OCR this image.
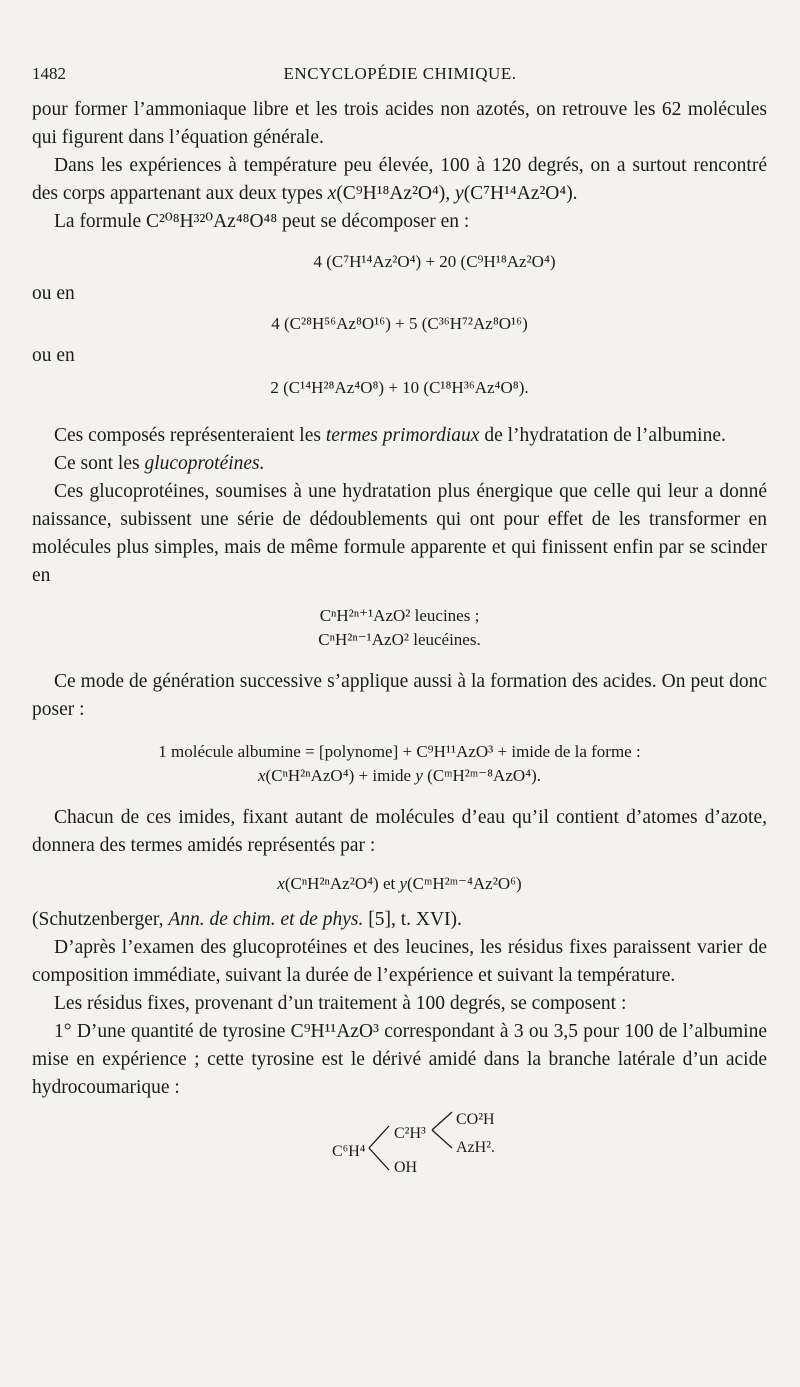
1482	ENCYCLOPÉDIE CHIMIQUE.

pour former l’ammoniaque libre et les trois acides non azotés, on retrouve les 62 molécules qui figurent dans l’équation générale.

Dans les expériences à température peu élevée, 100 à 120 degrés, on a surtout rencontré des corps appartenant aux deux types x(C⁹H¹⁸Az²O⁴), y(C⁷H¹⁴Az²O⁴).

La formule C²⁰⁸H³²⁰Az⁴⁸O⁴⁸ peut se décomposer en :

4 (C⁷H¹⁴Az²O⁴) + 20 (C⁹H¹⁸Az²O⁴)

ou en

4 (C²⁸H⁵⁶Az⁸O¹⁶) + 5 (C³⁶H⁷²Az⁸O¹⁶)

ou en

2 (C¹⁴H²⁸Az⁴O⁸) + 10 (C¹⁸H³⁶Az⁴O⁸).

Ces composés représenteraient les termes primordiaux de l’hydratation de l’albumine.

Ce sont les glucoprotéines.

Ces glucoprotéines, soumises à une hydratation plus énergique que celle qui leur a donné naissance, subissent une série de dédoublements qui ont pour effet de les transformer en molécules plus simples, mais de même formule apparente et qui finissent enfin par se scinder en

CⁿH²ⁿ⁺¹AzO² leucines ;

CⁿH²ⁿ⁻¹AzO² leucéines.

Ce mode de génération successive s’applique aussi à la formation des acides. On peut donc poser :

1 molécule albumine = [polynome] + C⁹H¹¹AzO³ + imide de la forme :

x(CⁿH²ⁿAzO⁴) + imide y (CᵐH²ᵐ⁻⁸AzO⁴).

Chacun de ces imides, fixant autant de molécules d’eau qu’il contient d’atomes d’azote, donnera des termes amidés représentés par :

x(CⁿH²ⁿAz²O⁴) et y(CᵐH²ᵐ⁻⁴Az²O⁶)

(Schutzenberger, Ann. de chim. et de phys. [5], t. XVI).

D’après l’examen des glucoprotéines et des leucines, les résidus fixes paraissent varier de composition immédiate, suivant la durée de l’expérience et suivant la température.

Les résidus fixes, provenant d’un traitement à 100 degrés, se composent :

1° D’une quantité de tyrosine C⁹H¹¹AzO³ correspondant à 3 ou 3,5 pour 100 de l’albumine mise en expérience ; cette tyrosine est le dérivé amidé dans la branche latérale d’un acide hydrocoumarique :

C⁶H⁴
C²H³
OH
CO²H
AzH².
